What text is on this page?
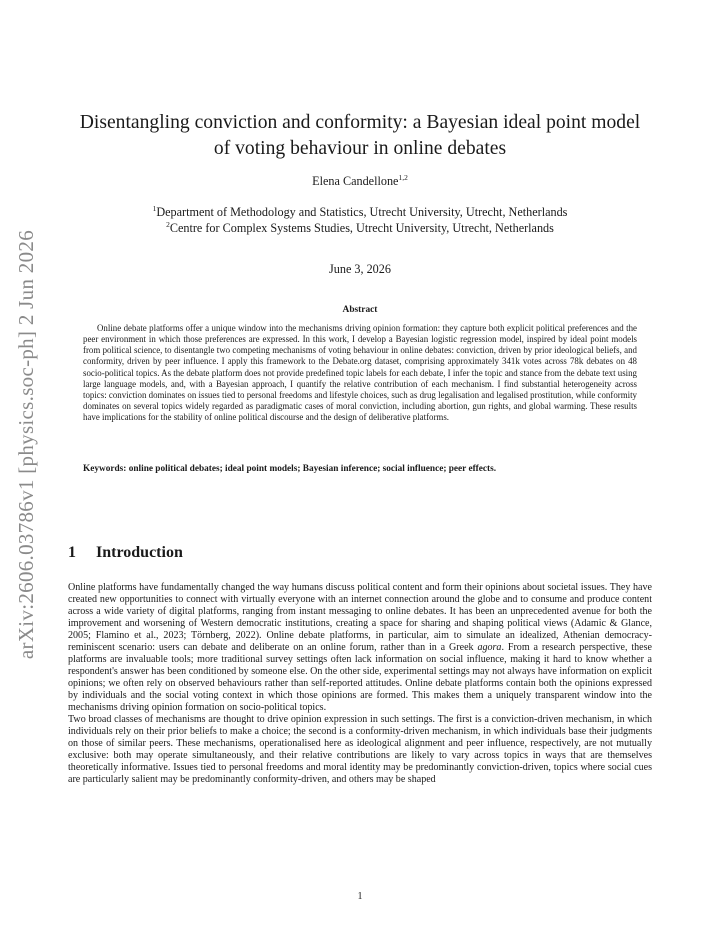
arXiv:2606.03786v1 [physics.soc-ph] 2 Jun 2026
Disentangling conviction and conformity: a Bayesian ideal point model
of voting behaviour in online debates
Elena Candellone$^{1,2}$
$^1$Department of Methodology and Statistics, Utrecht University, Utrecht, Netherlands
$^2$Centre for Complex Systems Studies, Utrecht University, Utrecht, Netherlands
June 3, 2026
Abstract

Online debate platforms offer a unique window into the mechanisms driving opinion formation: they capture both explicit political preferences and the peer environment in which those preferences are expressed. In this work, I develop a Bayesian logistic regression model, inspired by ideal point models from political science, to disentangle two competing mechanisms of voting behaviour in online debates: conviction, driven by prior ideological beliefs, and conformity, driven by peer influence. I apply this framework to the Debate.org dataset, comprising approximately 341k votes across 78k debates on 48 socio-political topics. As the debate platform does not provide predefined topic labels for each debate, I infer the topic and stance from the debate text using large language models, and, with a Bayesian approach, I quantify the relative contribution of each mechanism. I find substantial heterogeneity across topics: conviction dominates on issues tied to personal freedoms and lifestyle choices, such as drug legalisation and legalised prostitution, while conformity dominates on several topics widely regarded as paradigmatic cases of moral conviction, including abortion, gun rights, and global warming. These results have implications for the stability of online political discourse and the design of deliberative platforms.

Keywords: online political debates; ideal point models; Bayesian inference; social influence; peer effects.

1 Introduction

Online platforms have fundamentally changed the way humans discuss political content and form their opinions about societal issues. They have created new opportunities to connect with virtually everyone with an internet connection around the globe and to consume and produce content across a wide variety of digital platforms, ranging from instant messaging to online debates. It has been an unprecedented avenue for both the improvement and worsening of Western democratic institutions, creating a space for sharing and shaping political views (Adamic & Glance, 2005; Flamino et al., 2023; Törnberg, 2022). Online debate platforms, in particular, aim to simulate an idealized, Athenian democracy-reminiscent scenario: users can debate and deliberate on an online forum, rather than in a Greek agora. From a research perspective, these platforms are invaluable tools; more traditional survey settings often lack information on social influence, making it hard to know whether a respondent's answer has been conditioned by someone else. On the other side, experimental settings may not always have information on explicit opinions; we often rely on observed behaviours rather than self-reported attitudes. Online debate platforms contain both the opinions expressed by individuals and the social voting context in which those opinions are formed. This makes them a uniquely transparent window into the mechanisms driving opinion formation on socio-political topics.

Two broad classes of mechanisms are thought to drive opinion expression in such settings. The first is a conviction-driven mechanism, in which individuals rely on their prior beliefs to make a choice; the second is a conformity-driven mechanism, in which individuals base their judgments on those of similar peers. These mechanisms, operationalised here as ideological alignment and peer influence, respectively, are not mutually exclusive: both may operate simultaneously, and their relative contributions are likely to vary across topics in ways that are themselves theoretically informative. Issues tied to personal freedoms and moral identity may be predominantly conviction-driven, topics where social cues are particularly salient may be predominantly conformity-driven, and others may be shaped

1
